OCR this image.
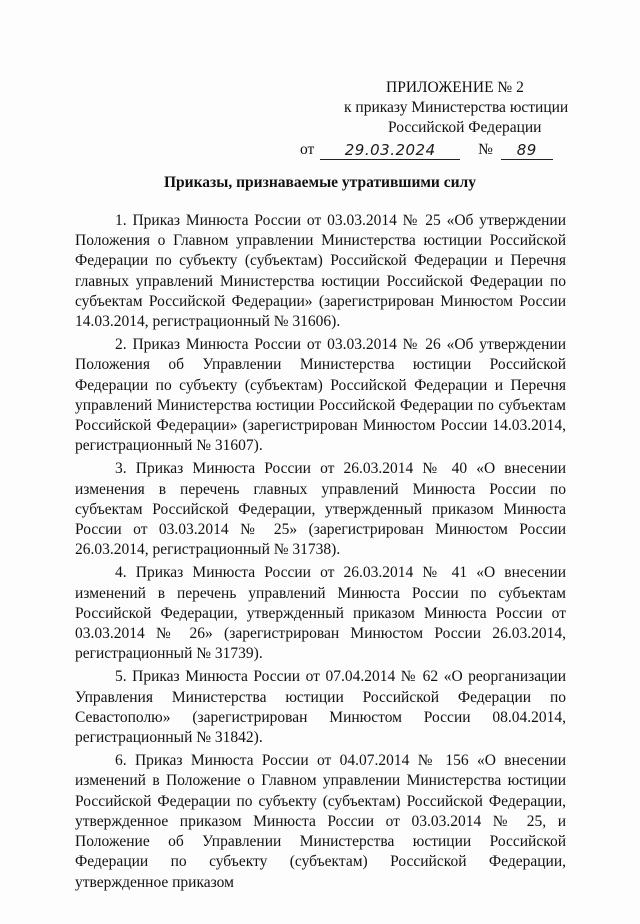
ПРИЛОЖЕНИЕ № 2
к приказу Министерства юстиции
Российской Федерации
от 29.03.2024	№ 89
Приказы, признаваемые утратившими силу

1. Приказ Минюста России от 03.03.2014 № 25 «Об утверждении Положения о Главном управлении Министерства юстиции Российской Федерации по субъекту (субъектам) Российской Федерации и Перечня главных управлений Министерства юстиции Российской Федерации по субъектам Российской Федерации» (зарегистрирован Минюстом России 14.03.2014, регистрационный № 31606).

2. Приказ Минюста России от 03.03.2014 № 26 «Об утверждении Положения об Управлении Министерства юстиции Российской Федерации по субъекту (субъектам) Российской Федерации и Перечня управлений Министерства юстиции Российской Федерации по субъектам Российской Федерации» (зарегистрирован Минюстом России 14.03.2014, регистрационный № 31607).

3. Приказ Минюста России от 26.03.2014 № 40 «О внесении изменения в перечень главных управлений Минюста России по субъектам Российской Федерации, утвержденный приказом Минюста России от 03.03.2014 № 25» (зарегистрирован Минюстом России 26.03.2014, регистрационный № 31738).

4. Приказ Минюста России от 26.03.2014 № 41 «О внесении изменений в перечень управлений Минюста России по субъектам Российской Федерации, утвержденный приказом Минюста России от 03.03.2014 № 26» (зарегистрирован Минюстом России 26.03.2014, регистрационный № 31739).

5. Приказ Минюста России от 07.04.2014 № 62 «О реорганизации Управления Министерства юстиции Российской Федерации по Севастополю» (зарегистрирован Минюстом России 08.04.2014, регистрационный № 31842).

6. Приказ Минюста России от 04.07.2014 № 156 «О внесении изменений в Положение о Главном управлении Министерства юстиции Российской Федерации по субъекту (субъектам) Российской Федерации, утвержденное приказом Минюста России от 03.03.2014 № 25, и Положение об Управлении Министерства юстиции Российской Федерации по субъекту (субъектам) Российской Федерации, утвержденное приказом
